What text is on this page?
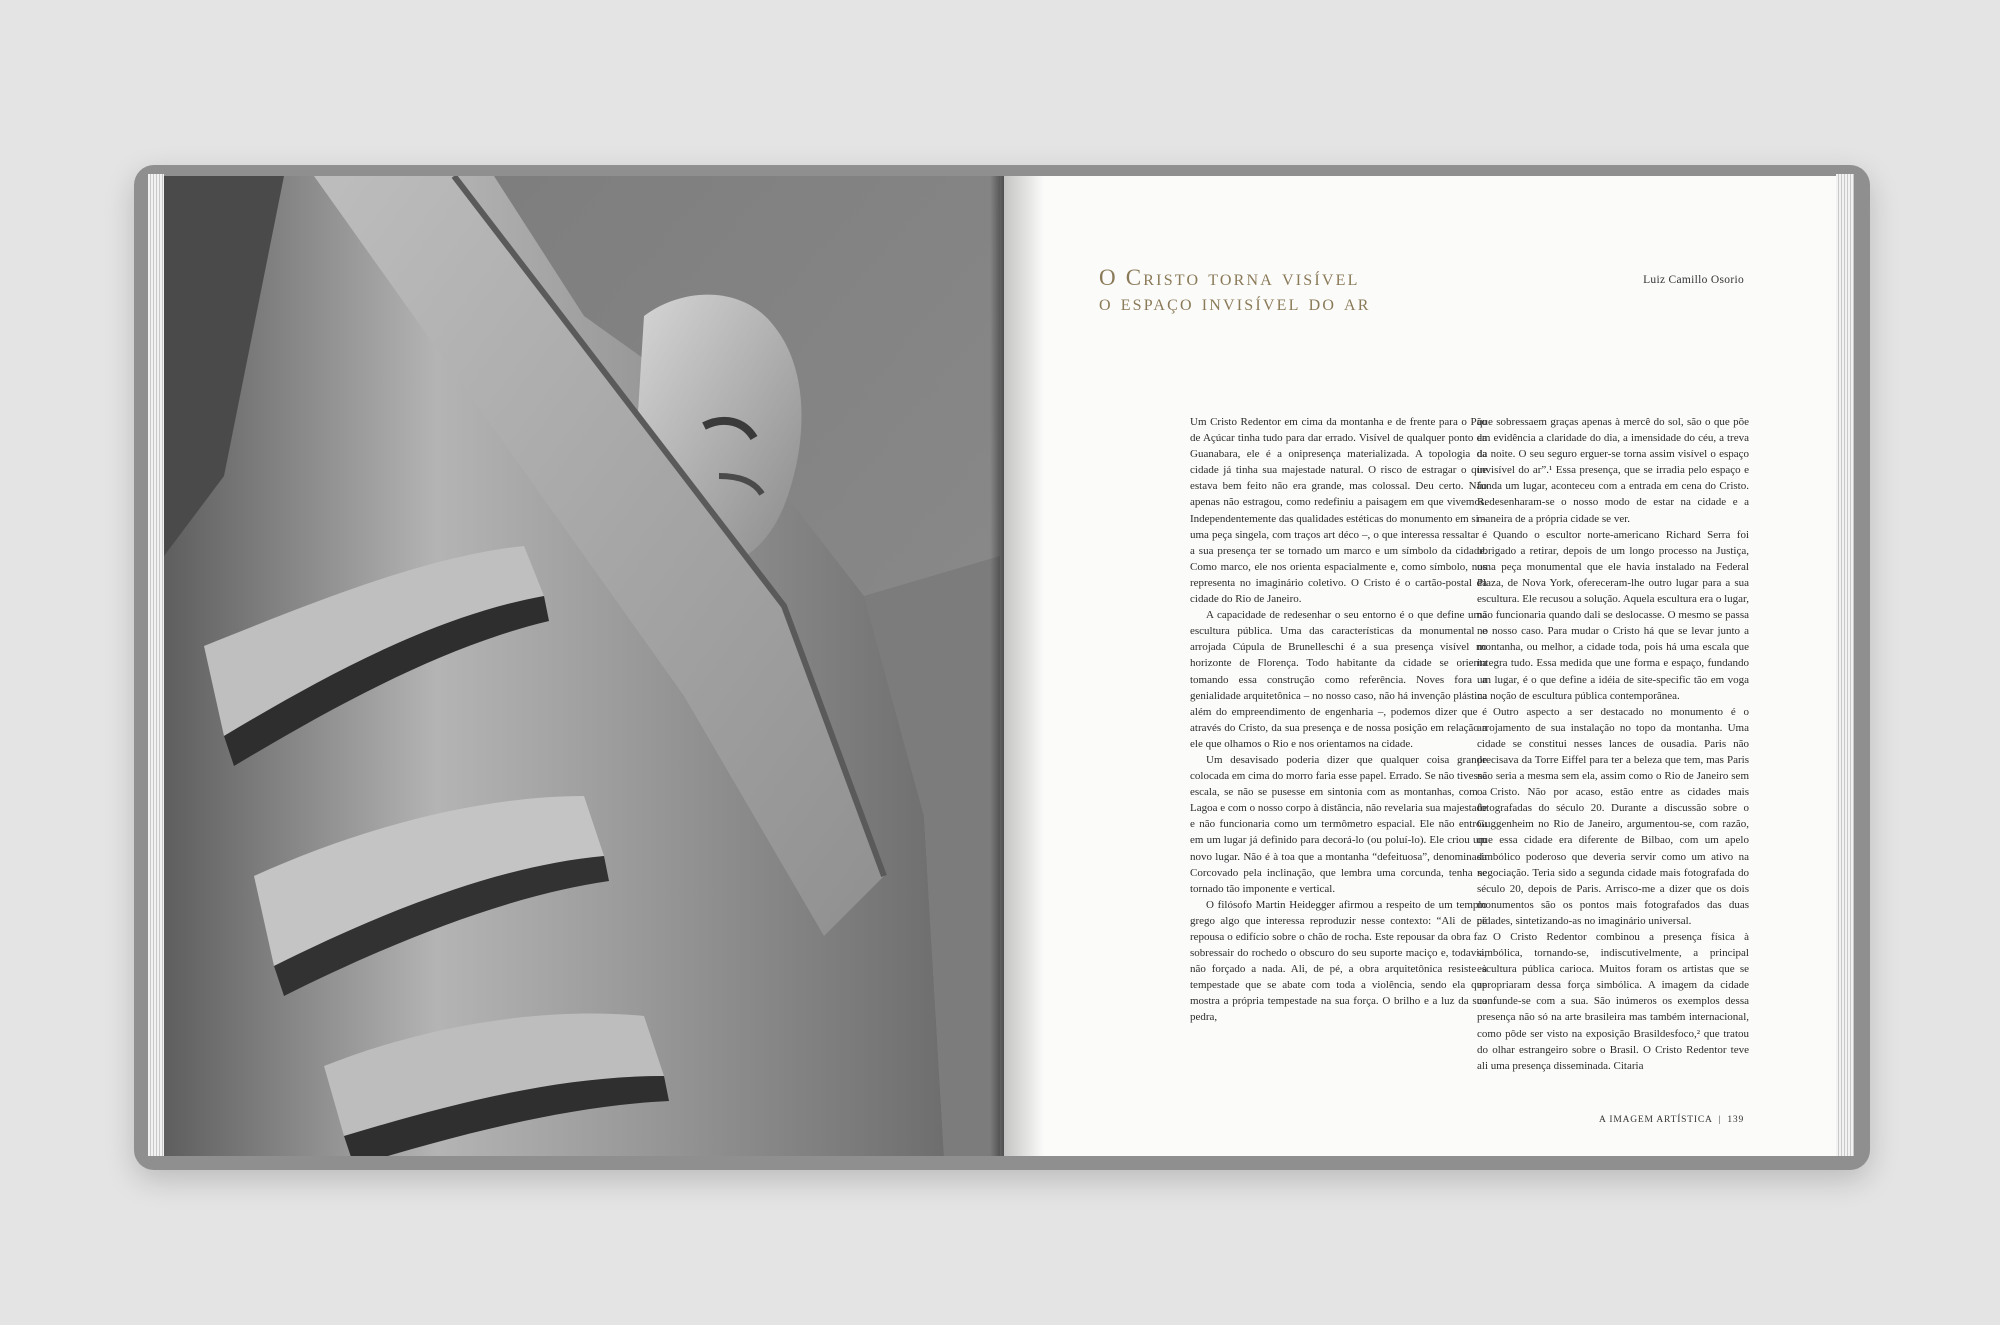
O Cristo torna visível
o espaço invisível do ar
Luiz Camillo Osorio

Um Cristo Redentor em cima da montanha e de frente para o Pão de Açúcar tinha tudo para dar errado. Visível de qualquer ponto da Guanabara, ele é a onipresença materializada. A topologia da cidade já tinha sua majestade natural. O risco de estragar o que estava bem feito não era grande, mas colossal. Deu certo. Não apenas não estragou, como redefiniu a paisagem em que vivemos. Independentemente das qualidades estéticas do monumento em si – uma peça singela, com traços art déco –, o que interessa ressaltar é a sua presença ter se tornado um marco e um símbolo da cidade. Como marco, ele nos orienta espacialmente e, como símbolo, nos representa no imaginário coletivo. O Cristo é o cartão-postal da cidade do Rio de Janeiro.

A capacidade de redesenhar o seu entorno é o que define uma escultura pública. Uma das características da monumental e arrojada Cúpula de Brunelleschi é a sua presença visível no horizonte de Florença. Todo habitante da cidade se orienta tomando essa construção como referência. Noves fora a genialidade arquitetônica – no nosso caso, não há invenção plástica além do empreendimento de engenharia –, podemos dizer que é através do Cristo, da sua presença e de nossa posição em relação a ele que olhamos o Rio e nos orientamos na cidade.

Um desavisado poderia dizer que qualquer coisa grande colocada em cima do morro faria esse papel. Errado. Se não tivesse escala, se não se pusesse em sintonia com as montanhas, com a Lagoa e com o nosso corpo à distância, não revelaria sua majestade e não funcionaria como um termômetro espacial. Ele não entrou em um lugar já definido para decorá-lo (ou poluí-lo). Ele criou um novo lugar. Não é à toa que a montanha “defeituosa”, denominada Corcovado pela inclinação, que lembra uma corcunda, tenha se tornado tão imponente e vertical.

O filósofo Martin Heidegger afirmou a respeito de um templo grego algo que interessa reproduzir nesse contexto: “Ali de pé repousa o edifício sobre o chão de rocha. Este repousar da obra faz sobressair do rochedo o obscuro do seu suporte maciço e, todavia, não forçado a nada. Ali, de pé, a obra arquitetônica resiste à tempestade que se abate com toda a violência, sendo ela que mostra a própria tempestade na sua força. O brilho e a luz da sua pedra,

que sobressaem graças apenas à mercê do sol, são o que põe em evidência a claridade do dia, a imensidade do céu, a treva da noite. O seu seguro erguer-se torna assim visível o espaço invisível do ar”.¹ Essa presença, que se irradia pelo espaço e funda um lugar, aconteceu com a entrada em cena do Cristo. Redesenharam-se o nosso modo de estar na cidade e a maneira de a própria cidade se ver.

Quando o escultor norte-americano Richard Serra foi obrigado a retirar, depois de um longo processo na Justiça, uma peça monumental que ele havia instalado na Federal Plaza, de Nova York, ofereceram-lhe outro lugar para a sua escultura. Ele recusou a solução. Aquela escultura era o lugar, não funcionaria quando dali se deslocasse. O mesmo se passa no nosso caso. Para mudar o Cristo há que se levar junto a montanha, ou melhor, a cidade toda, pois há uma escala que integra tudo. Essa medida que une forma e espaço, fundando um lugar, é o que define a idéia de site-specific tão em voga na noção de escultura pública contemporânea.

Outro aspecto a ser destacado no monumento é o arrojamento de sua instalação no topo da montanha. Uma cidade se constitui nesses lances de ousadia. Paris não precisava da Torre Eiffel para ter a beleza que tem, mas Paris não seria a mesma sem ela, assim como o Rio de Janeiro sem o Cristo. Não por acaso, estão entre as cidades mais fotografadas do século 20. Durante a discussão sobre o Guggenheim no Rio de Janeiro, argumentou-se, com razão, que essa cidade era diferente de Bilbao, com um apelo simbólico poderoso que deveria servir como um ativo na negociação. Teria sido a segunda cidade mais fotografada do século 20, depois de Paris. Arrisco-me a dizer que os dois monumentos são os pontos mais fotografados das duas cidades, sintetizando-as no imaginário universal.

O Cristo Redentor combinou a presença física à simbólica, tornando-se, indiscutivelmente, a principal escultura pública carioca. Muitos foram os artistas que se apropriaram dessa força simbólica. A imagem da cidade confunde-se com a sua. São inúmeros os exemplos dessa presença não só na arte brasileira mas também internacional, como pôde ser visto na exposição Brasildesfoco,² que tratou do olhar estrangeiro sobre o Brasil. O Cristo Redentor teve ali uma presença disseminada. Citaria

A IMAGEM ARTÍSTICA | 139
